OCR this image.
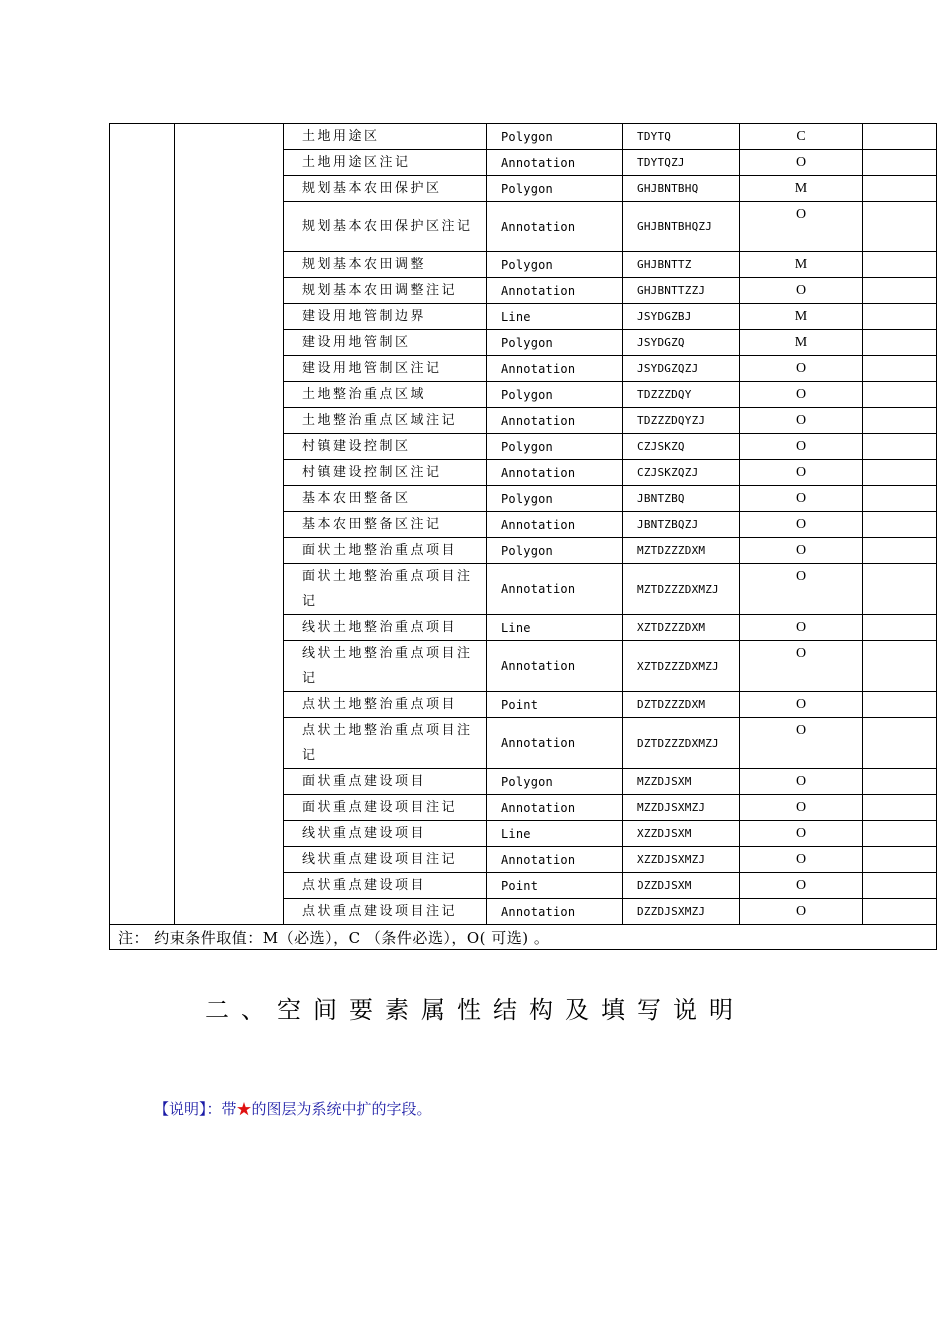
		土地用途区	Polygon	TDYTQ	C	
		土地用途区注记	Annotation	TDYTQZJ	O	
		规划基本农田保护区	Polygon	GHJBNTBHQ	M	
		规划基本农田保护区注记	Annotation	GHJBNTBHQZJ	O	
		规划基本农田调整	Polygon	GHJBNTTZ	M	
		规划基本农田调整注记	Annotation	GHJBNTTZZJ	O	
		建设用地管制边界	Line	JSYDGZBJ	M	
		建设用地管制区	Polygon	JSYDGZQ	M	
		建设用地管制区注记	Annotation	JSYDGZQZJ	O	
		土地整治重点区域	Polygon	TDZZZDQY	O	
		土地整治重点区域注记	Annotation	TDZZZDQYZJ	O	
		村镇建设控制区	Polygon	CZJSKZQ	O	
		村镇建设控制区注记	Annotation	CZJSKZQZJ	O	
		基本农田整备区	Polygon	JBNTZBQ	O	
		基本农田整备区注记	Annotation	JBNTZBQZJ	O	
		面状土地整治重点项目	Polygon	MZTDZZZDXM	O	
		面状土地整治重点项目注记	Annotation	MZTDZZZDXMZJ	O	
		线状土地整治重点项目	Line	XZTDZZZDXM	O	
		线状土地整治重点项目注记	Annotation	XZTDZZZDXMZJ	O	
		点状土地整治重点项目	Point	DZTDZZZDXM	O	
		点状土地整治重点项目注记	Annotation	DZTDZZZDXMZJ	O	
		面状重点建设项目	Polygon	MZZDJSXM	O	
		面状重点建设项目注记	Annotation	MZZDJSXMZJ	O	
		线状重点建设项目	Line	XZZDJSXM	O	
		线状重点建设项目注记	Annotation	XZZDJSXMZJ	O	
		点状重点建设项目	Point	DZZDJSXM	O	
		点状重点建设项目注记	Annotation	DZZDJSXMZJ	O	
注： 约束条件取值：M（必选），C （条件必选），O( 可选) 。						
二、空间要素属性结构及填写说明
【说明】：带★的图层为系统中扩的字段。
